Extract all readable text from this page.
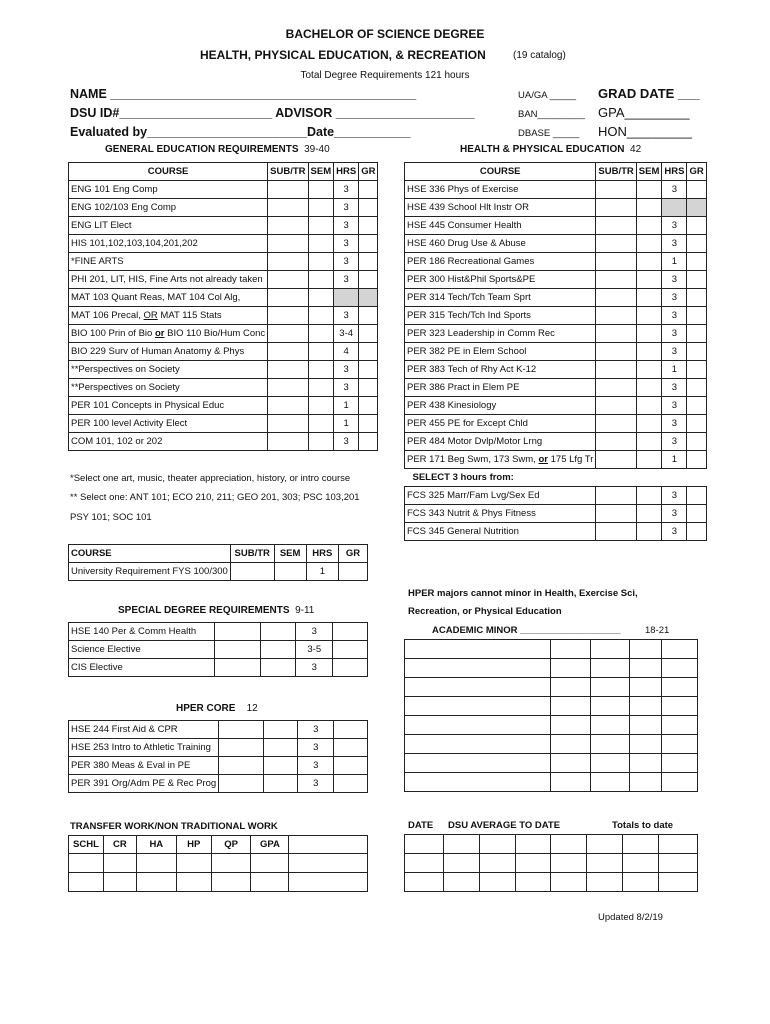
BACHELOR OF SCIENCE DEGREE
HEALTH, PHYSICAL EDUCATION, & RECREATION	(19 catalog)
Total Degree Requirements 121 hours
NAME ____________________________________________
DSU ID#______________________ ADVISOR ____________________
Evaluated by_______________________Date___________
UA/GA _____
BAN_________
DBASE _____
GRAD DATE ___
GPA_________
HON_________
GENERAL EDUCATION REQUIREMENTS 39-40
COURSE	SUB/TR	SEM	HRS	GR
ENG 101 Eng Comp			3	
ENG 102/103 Eng Comp			3	
ENG LIT Elect			3	
HIS 101,102,103,104,201,202			3	
*FINE ARTS			3	
PHI 201, LIT, HIS, Fine Arts not already taken			3	
MAT 103 Quant Reas, MAT 104 Col Alg,				
MAT 106 Precal, OR MAT 115 Stats			3	
BIO 100 Prin of Bio or BIO 110 Bio/Hum Conc			3-4	
BIO 229 Surv of Human Anatomy & Phys			4	
**Perspectives on Society			3	
**Perspectives on Society			3	
PER 101 Concepts in Physical Educ			1	
PER 100 level Activity Elect			1	
COM 101, 102 or 202			3	
*Select one art, music, theater appreciation, history, or intro course
** Select one: ANT 101; ECO 210, 211; GEO 201, 303; PSC 103,201
PSY 101; SOC 101
COURSE	SUB/TR	SEM	HRS	GR
University Requirement FYS 100/300			1	
SPECIAL DEGREE REQUIREMENTS 9-11
HSE 140 Per & Comm Health			3	
Science Elective			3-5	
CIS Elective			3	
HPER CORE 12
HSE 244 First Aid & CPR			3	
HSE 253 Intro to Athletic Training			3	
PER 380 Meas & Eval in PE			3	
PER 391 Org/Adm PE & Rec Prog			3	
TRANSFER WORK/NON TRADITIONAL WORK
SCHL	CR	HA	HP	QP	GPA	

HEALTH & PHYSICAL EDUCATION 42
COURSE	SUB/TR	SEM	HRS	GR
HSE 336 Phys of Exercise			3	
HSE 439 School Hlt Instr OR				
HSE 445 Consumer Health			3	
HSE 460 Drug Use & Abuse			3	
PER 186 Recreational Games			1	
PER 300 Hist&Phil Sports&PE			3	
PER 314 Tech/Tch Team Sprt			3	
PER 315 Tech/Tch Ind Sports			3	
PER 323 Leadership in Comm Rec			3	
PER 382 PE in Elem School			3	
PER 383 Tech of Rhy Act K-12			1	
PER 386 Pract in Elem PE			3	
PER 438 Kinesiology			3	
PER 455 PE for Except Chld			3	
PER 484 Motor Dvlp/Motor Lrng			3	
PER 171 Beg Swm, 173 Swm, or 175 Lfg Tr			1	
SELECT 3 hours from:				
FCS 325 Marr/Fam Lvg/Sex Ed			3	
FCS 343 Nutrit & Phys Fitness			3	
FCS 345 General Nutrition			3	
HPER majors cannot minor in Health, Exercise Sci,
Recreation, or Physical Education
ACADEMIC MINOR ___________________	18-21

DATE DSU AVERAGE TO DATE	Totals to date

Updated 8/2/19
